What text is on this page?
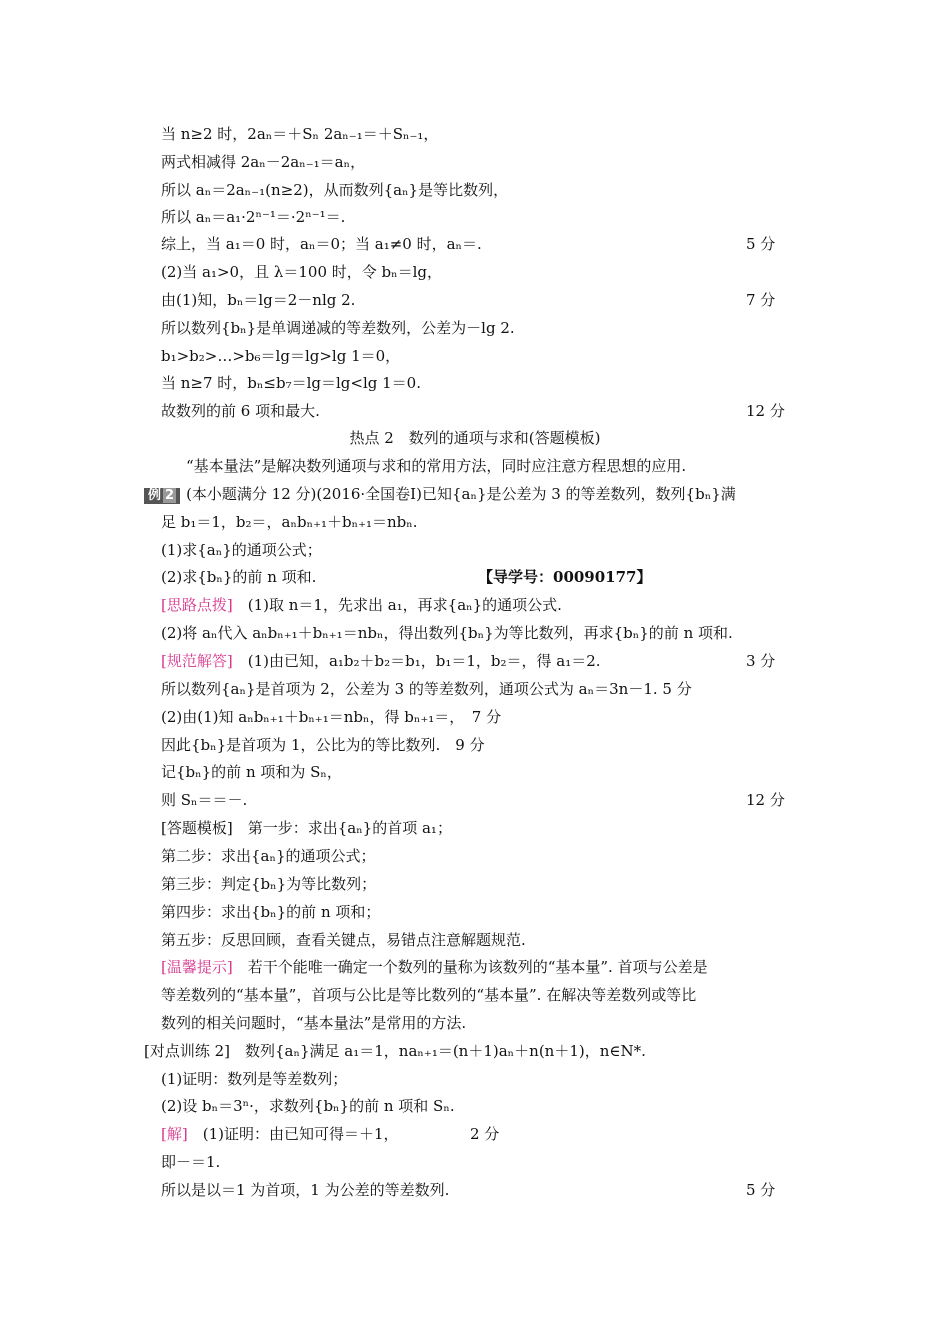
当 n≥2 时，2aₙ＝＋Sₙ 2aₙ₋₁＝＋Sₙ₋₁，
两式相减得 2aₙ－2aₙ₋₁＝aₙ，
所以 aₙ＝2aₙ₋₁(n≥2)，从而数列{aₙ}是等比数列，
所以 aₙ＝a₁·2ⁿ⁻¹＝·2ⁿ⁻¹＝.
综上，当 a₁＝0 时，aₙ＝0；当 a₁≠0 时，aₙ＝.	5 分
(2)当 a₁>0，且 λ＝100 时，令 bₙ＝lg，
由(1)知，bₙ＝lg＝2－nlg 2.	7 分
所以数列{bₙ}是单调递减的等差数列，公差为－lg 2.
b₁>b₂>…>b₆＝lg＝lg>lg 1＝0，
当 n≥7 时，bₙ≤b₇＝lg＝lg<lg 1＝0.
故数列的前 6 项和最大.	12 分
热点 2　数列的通项与求和(答题模板)
“基本量法”是解决数列通项与求和的常用方法，同时应注意方程思想的应用.
例 2 (本小题满分 12 分)(2016·全国卷Ⅰ)已知{aₙ}是公差为 3 的等差数列，数列{bₙ}满
足 b₁＝1，b₂＝，aₙbₙ₊₁＋bₙ₊₁＝nbₙ.
(1)求{aₙ}的通项公式；
(2)求{bₙ}的前 n 项和.	【导学号：00090177】
[思路点拨]　(1)取 n＝1，先求出 a₁，再求{aₙ}的通项公式.
(2)将 aₙ代入 aₙbₙ₊₁＋bₙ₊₁＝nbₙ，得出数列{bₙ}为等比数列，再求{bₙ}的前 n 项和.
[规范解答]　(1)由已知，a₁b₂＋b₂＝b₁，b₁＝1，b₂＝，得 a₁＝2.	3 分
所以数列{aₙ}是首项为 2，公差为 3 的等差数列，通项公式为 aₙ＝3n－1. 5 分
(2)由(1)知 aₙbₙ₊₁＋bₙ₊₁＝nbₙ，得 bₙ₊₁＝，　7 分
因此{bₙ}是首项为 1，公比为的等比数列.　9 分
记{bₙ}的前 n 项和为 Sₙ，
则 Sₙ＝＝－.	12 分
[答题模板]　第一步：求出{aₙ}的首项 a₁；
第二步：求出{aₙ}的通项公式；
第三步：判定{bₙ}为等比数列；
第四步：求出{bₙ}的前 n 项和；
第五步：反思回顾，查看关键点，易错点注意解题规范.
[温馨提示]　若干个能唯一确定一个数列的量称为该数列的“基本量”. 首项与公差是
等差数列的“基本量”，首项与公比是等比数列的“基本量”. 在解决等差数列或等比
数列的相关问题时，“基本量法”是常用的方法.
[对点训练 2]　数列{aₙ}满足 a₁＝1，naₙ₊₁＝(n＋1)aₙ＋n(n＋1)，n∈N*.
(1)证明：数列是等差数列；
(2)设 bₙ＝3ⁿ·，求数列{bₙ}的前 n 项和 Sₙ.
[解]　(1)证明：由已知可得＝＋1，	2 分
即－＝1.
所以是以＝1 为首项，1 为公差的等差数列.	5 分
